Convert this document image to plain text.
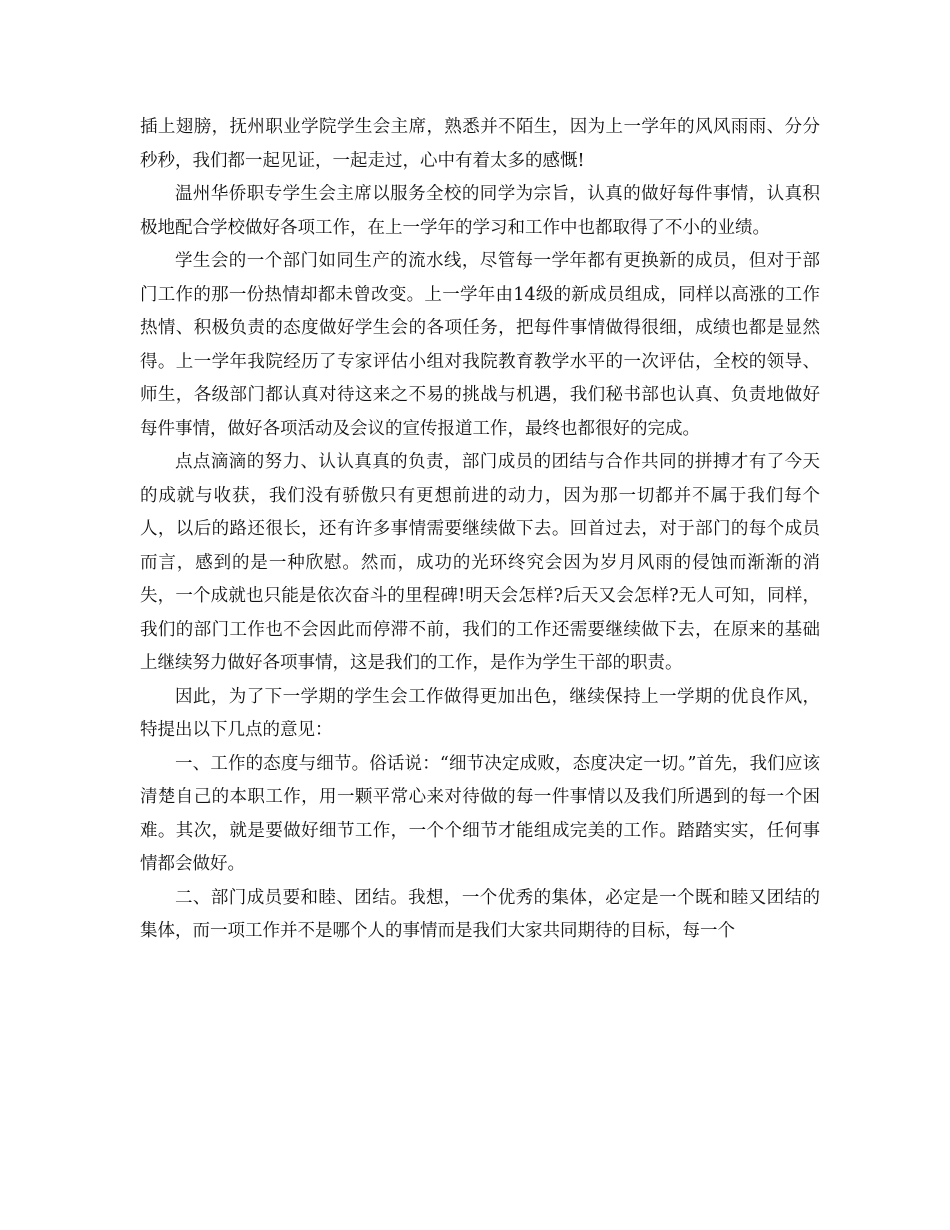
插上翅膀，抚州职业学院学生会主席，熟悉并不陌生，因为上一学年的风风雨雨、分分秒秒，我们都一起见证，一起走过，心中有着太多的感慨!

温州华侨职专学生会主席以服务全校的同学为宗旨，认真的做好每件事情，认真积极地配合学校做好各项工作，在上一学年的学习和工作中也都取得了不小的业绩。

学生会的一个部门如同生产的流水线，尽管每一学年都有更换新的成员，但对于部门工作的那一份热情却都未曾改变。上一学年由14级的新成员组成，同样以高涨的工作热情、积极负责的态度做好学生会的各项任务，把每件事情做得很细，成绩也都是显然得。上一学年我院经历了专家评估小组对我院教育教学水平的一次评估，全校的领导、师生，各级部门都认真对待这来之不易的挑战与机遇，我们秘书部也认真、负责地做好每件事情，做好各项活动及会议的宣传报道工作，最终也都很好的完成。

点点滴滴的努力、认认真真的负责，部门成员的团结与合作共同的拼搏才有了今天的成就与收获，我们没有骄傲只有更想前进的动力，因为那一切都并不属于我们每个人，以后的路还很长，还有许多事情需要继续做下去。回首过去，对于部门的每个成员而言，感到的是一种欣慰。然而，成功的光环终究会因为岁月风雨的侵蚀而渐渐的消失，一个成就也只能是依次奋斗的里程碑!明天会怎样?后天又会怎样?无人可知，同样，我们的部门工作也不会因此而停滞不前，我们的工作还需要继续做下去，在原来的基础上继续努力做好各项事情，这是我们的工作，是作为学生干部的职责。

因此，为了下一学期的学生会工作做得更加出色，继续保持上一学期的优良作风，特提出以下几点的意见：

一、工作的态度与细节。俗话说：“细节决定成败，态度决定一切。”首先，我们应该清楚自己的本职工作，用一颗平常心来对待做的每一件事情以及我们所遇到的每一个困难。其次，就是要做好细节工作，一个个细节才能组成完美的工作。踏踏实实，任何事情都会做好。

二、部门成员要和睦、团结。我想，一个优秀的集体，必定是一个既和睦又团结的集体，而一项工作并不是哪个人的事情而是我们大家共同期待的目标，每一个
